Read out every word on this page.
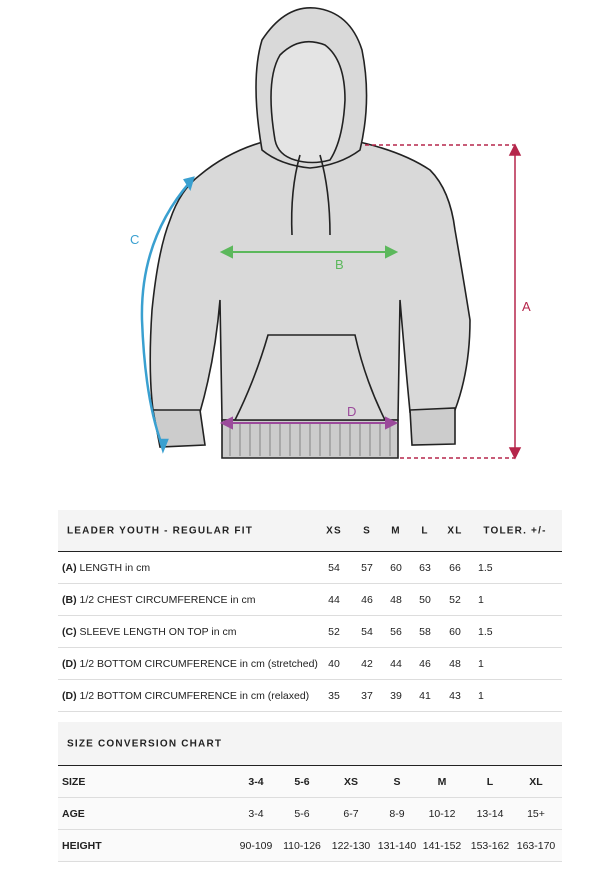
A
B
C
D
LEADER YOUTH - REGULAR FIT	XS S M L XL TOLER. +/-
(A) LENGTH in cm	54 57 60 63 66 1.5
(B) 1/2 CHEST CIRCUMFERENCE in cm	44 46 48 50 52 1
(C) SLEEVE LENGTH ON TOP in cm	52 54 56 58 60 1.5
(D) 1/2 BOTTOM CIRCUMFERENCE in cm (stretched) 40 42 44 46 48 1
(D) 1/2 BOTTOM CIRCUMFERENCE in cm (relaxed) 35 37 39 41 43 1
SIZE CONVERSION CHART
SIZE	3-4	5-6	XS	S	M	L	XL
AGE	3-4	5-6	6-7	8-9 10-12 13-14 15+
HEIGHT	90-109 110-126 122-130 131-140 141-152 153-162 163-170
